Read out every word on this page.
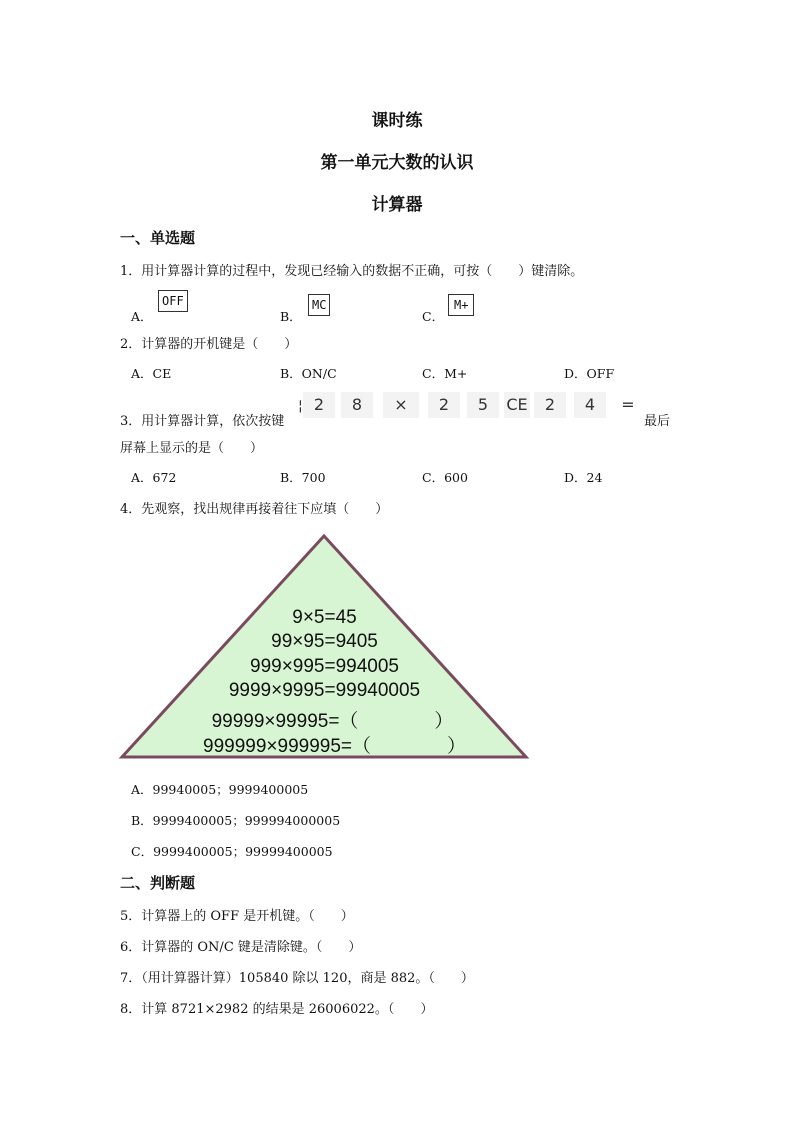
课时练
第一单元大数的认识
计算器
一、单选题
1．用计算器计算的过程中，发现已经输入的数据不正确，可按（　　）键清除。
A．
OFF
B．
MC
C．
M+
2．计算器的开机键是（　　）
A．CE	B．ON/C	C．M+	D．OFF
3．用计算器计算，依次按键
¦ 2	8	×	2	5	CE	2	4	=
最后
屏幕上显示的是（　　）
A．672	B．700	C．600	D．24
4．先观察，找出规律再接着往下应填（　　）
9×5=45
99×95=9405
999×995=994005
9999×9995=99940005
99999×99995=（　　　　）
999999×999995=（　　　　）
A．99940005；9999400005
B．9999400005；999994000005
C．9999400005；99999400005
二、判断题
5．计算器上的 OFF 是开机键。（　　）
6．计算器的 ON/C 键是清除键。（　　）
7．（用计算器计算）105840 除以 120，商是 882。（　　）
8．计算 8721×2982 的结果是 26006022。（　　）
